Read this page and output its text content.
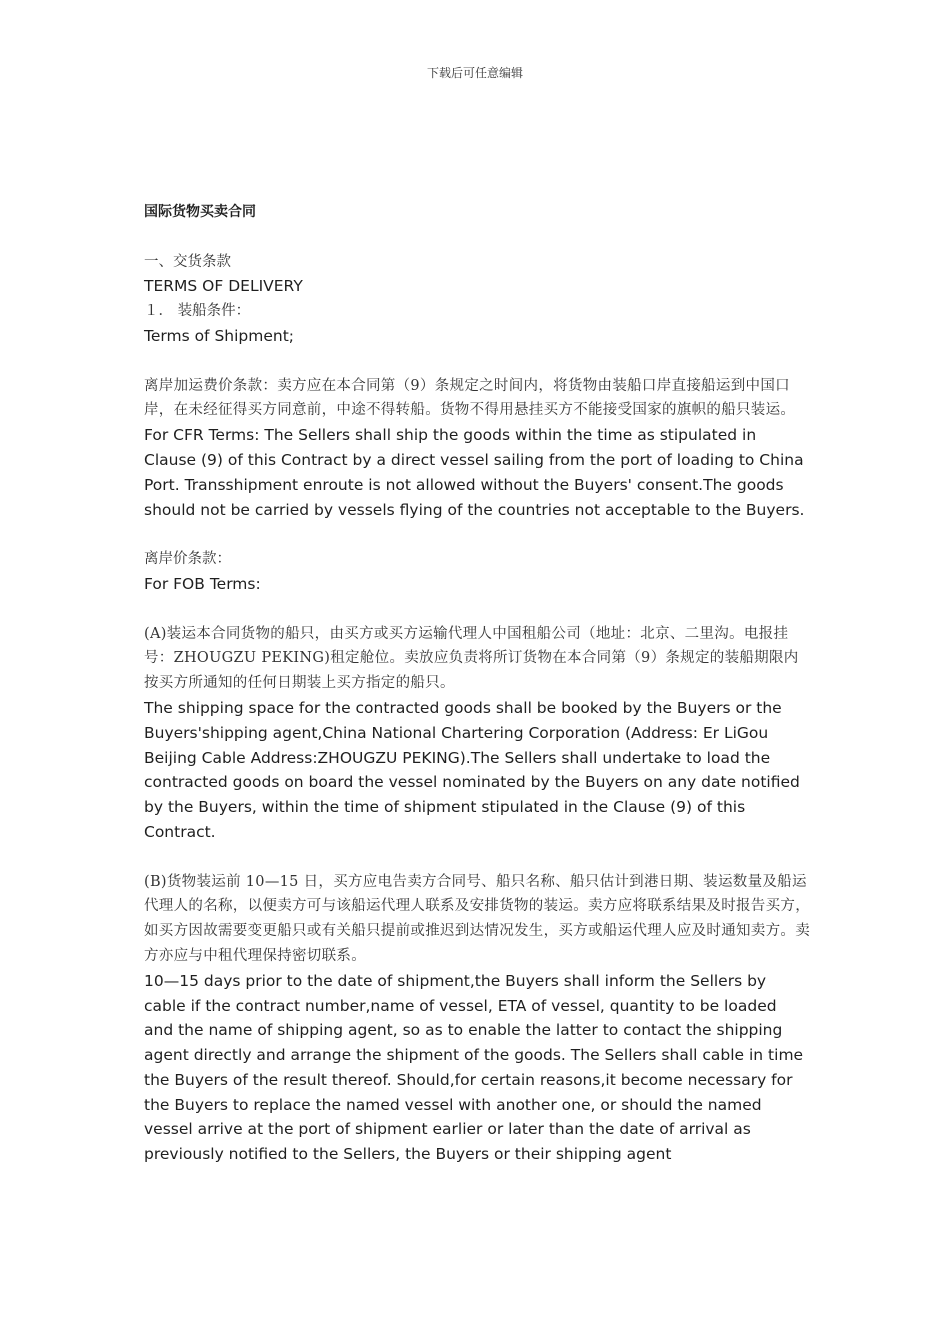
下载后可任意编辑

国际货物买卖合同

一、交货条款

TERMS OF DELIVERY

１． 装船条件：

Terms of Shipment;

离岸加运费价条款：卖方应在本合同第（9）条规定之时间内，将货物由装船口岸直接船运到中国口岸，在未经征得买方同意前，中途不得转船。货物不得用悬挂买方不能接受国家的旗帜的船只装运。

For CFR Terms: The Sellers shall ship the goods within the time as stipulated in Clause (9) of this Contract by a direct vessel sailing from the port of loading to China Port. Transshipment enroute is not allowed without the Buyers' consent.The goods should not be carried by vessels flying of the countries not acceptable to the Buyers.

离岸价条款：

For FOB Terms:

(A)装运本合同货物的船只，由买方或买方运输代理人中国租船公司（地址：北京、二里沟。电报挂号：ZHOUGZU PEKING)租定舱位。卖放应负责将所订货物在本合同第（9）条规定的装船期限内按买方所通知的任何日期装上买方指定的船只。

The shipping space for the contracted goods shall be booked by the Buyers or the Buyers'shipping agent,China National Chartering Corporation (Address: Er LiGou Beijing Cable Address:ZHOUGZU PEKING).The Sellers shall undertake to load the contracted goods on board the vessel nominated by the Buyers on any date notified by the Buyers, within the time of shipment stipulated in the Clause (9) of this Contract.

(B)货物装运前 10—15 日，买方应电告卖方合同号、船只名称、船只估计到港日期、装运数量及船运代理人的名称，以便卖方可与该船运代理人联系及安排货物的装运。卖方应将联系结果及时报告买方，如买方因故需要变更船只或有关船只提前或推迟到达情况发生，买方或船运代理人应及时通知卖方。卖方亦应与中租代理保持密切联系。

10—15 days prior to the date of shipment,the Buyers shall inform the Sellers by cable if the contract number,name of vessel, ETA of vessel, quantity to be loaded and the name of shipping agent, so as to enable the latter to contact the shipping agent directly and arrange the shipment of the goods. The Sellers shall cable in time the Buyers of the result thereof. Should,for certain reasons,it become necessary for the Buyers to replace the named vessel with another one, or should the named vessel arrive at the port of shipment earlier or later than the date of arrival as previously notified to the Sellers, the Buyers or their shipping agent
